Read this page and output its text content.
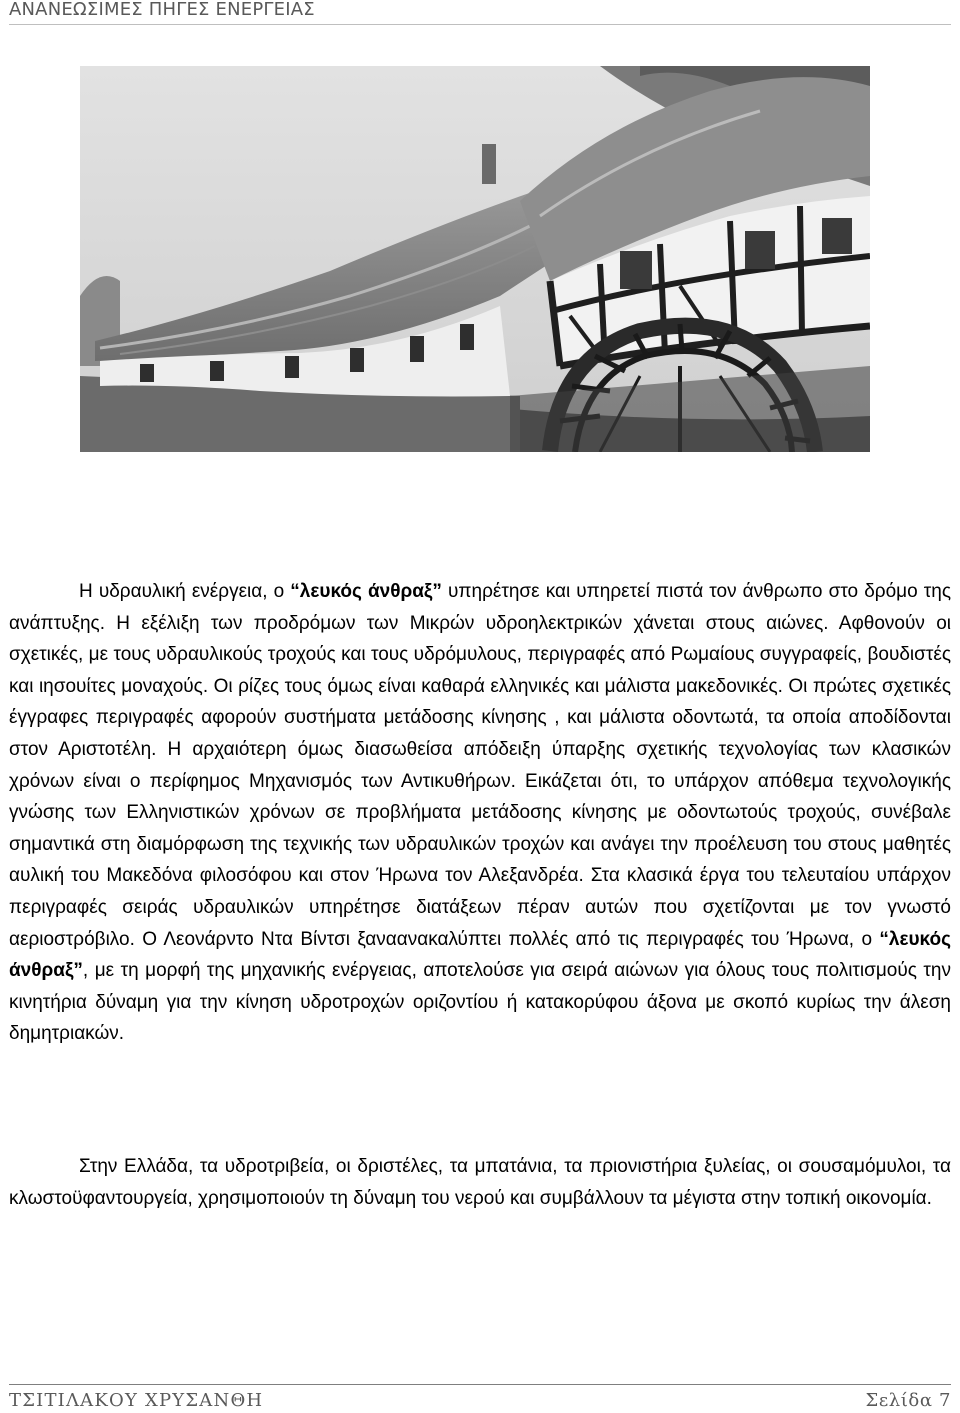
ΑΝΑΝΕΩΣΙΜΕΣ ΠΗΓΕΣ ΕΝΕΡΓΕΙΑΣ

Η υδραυλική ενέργεια, ο “λευκός άνθραξ” υπηρέτησε και υπηρετεί πιστά τον άνθρωπο στο δρόμο της ανάπτυξης. Η εξέλιξη των προδρόμων των Μικρών υδροηλεκτρικών χάνεται στους αιώνες. Αφθονούν οι σχετικές, με τους υδραυλικούς τροχούς και τους υδρόμυλους, περιγραφές από Ρωμαίους συγγραφείς, βουδιστές και ιησουίτες μοναχούς. Οι ρίζες τους όμως είναι καθαρά ελληνικές και μάλιστα μακεδονικές. Οι πρώτες σχετικές έγγραφες περιγραφές αφορούν συστήματα μετάδοσης κίνησης , και μάλιστα οδοντωτά, τα οποία αποδίδονται στον Αριστοτέλη. Η αρχαιότερη όμως διασωθείσα απόδειξη ύπαρξης σχετικής τεχνολογίας των κλασικών χρόνων είναι ο περίφημος Μηχανισμός των Αντικυθήρων. Εικάζεται ότι, το υπάρχον απόθεμα τεχνολογικής γνώσης των Ελληνιστικών χρόνων σε προβλήματα μετάδοσης κίνησης με οδοντωτούς τροχούς, συνέβαλε σημαντικά στη διαμόρφωση της τεχνικής των υδραυλικών τροχών και ανάγει την προέλευση του στους μαθητές αυλική του Μακεδόνα φιλοσόφου και στον Ήρωνα τον Αλεξανδρέα. Στα κλασικά έργα του τελευταίου υπάρχον περιγραφές σειράς υδραυλικών υπηρέτησε διατάξεων πέραν αυτών που σχετίζονται με τον γνωστό αεριοστρόβιλο. Ο Λεονάρντο Ντα Βίντσι ξαναανακαλύπτει πολλές από τις περιγραφές του Ήρωνα, ο “λευκός άνθραξ”, με τη μορφή της μηχανικής ενέργειας, αποτελούσε για σειρά αιώνων για όλους τους πολιτισμούς την κινητήρια δύναμη για την κίνηση υδροτροχών οριζοντίου ή κατακορύφου άξονα με σκοπό κυρίως την άλεση δημητριακών.

Στην Ελλάδα, τα υδροτριβεία, οι δριστέλες, τα μπατάνια, τα πριονιστήρια ξυλείας, οι σουσαμόμυλοι, τα κλωστοϋφαντουργεία, χρησιμοποιούν τη δύναμη του νερού και συμβάλλουν τα μέγιστα στην τοπική οικονομία.

ΤΣΙΤΙΛΑΚΟΥ ΧΡΥΣΑΝΘΗ	Σελίδα 7
